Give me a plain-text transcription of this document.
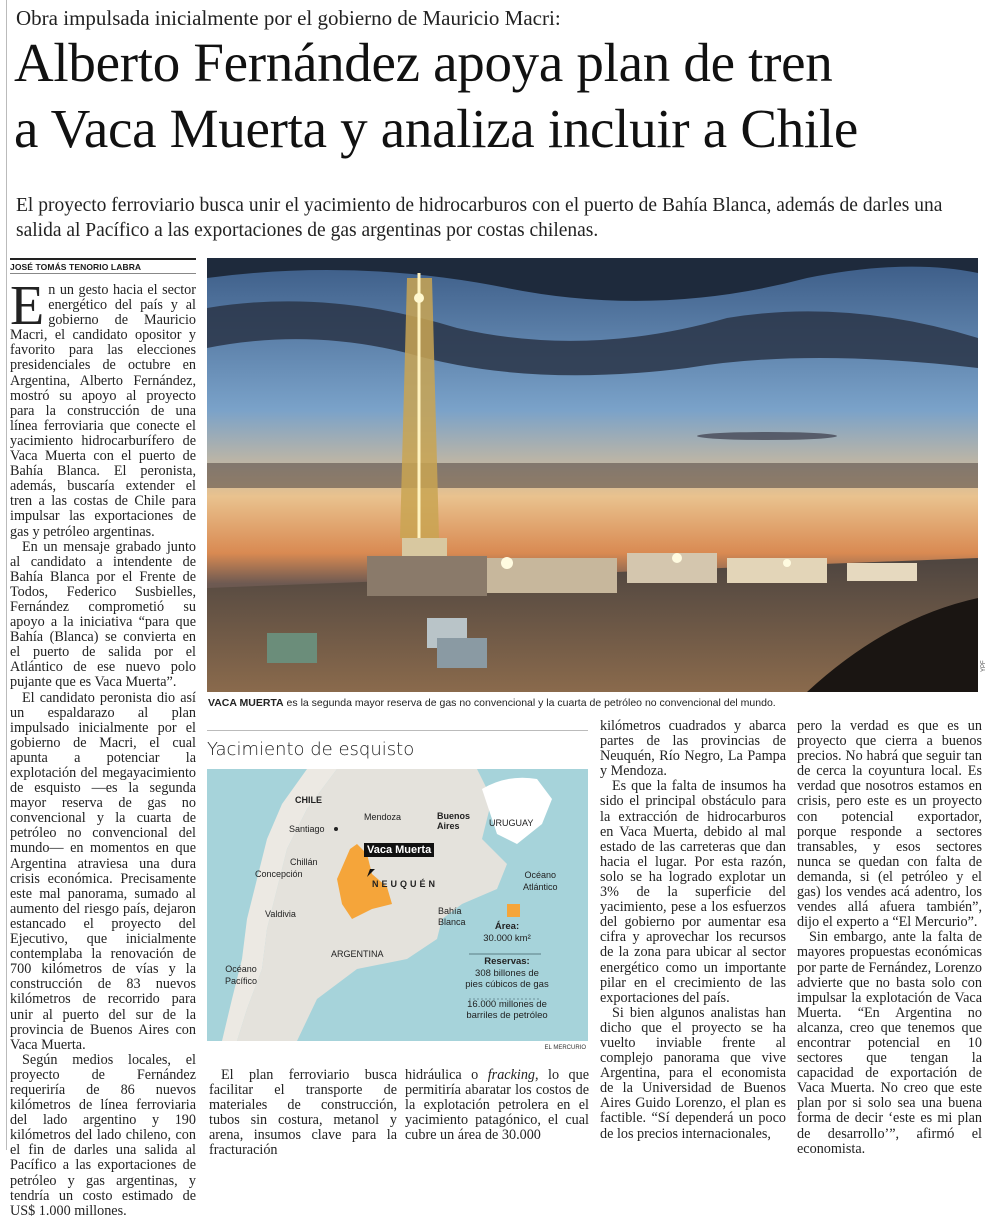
Obra impulsada inicialmente por el gobierno de Mauricio Macri:
Alberto Fernández apoya plan de tren
a Vaca Muerta y analiza incluir a Chile
El proyecto ferroviario busca unir el yacimiento de hidrocarburos con el puerto de Bahía Blanca, además de darles una salida al Pacífico a las exportaciones de gas argentinas por costas chilenas.
JOSÉ TOMÁS TENORIO LABRA

En un gesto hacia el sector energético del país y al gobierno de Mauricio Macri, el candidato opositor y favorito para las elecciones presidenciales de octubre en Argentina, Alberto Fernández, mostró su apoyo al proyecto para la construcción de una línea ferroviaria que conecte el yacimiento hidrocarburífero de Vaca Muerta con el puerto de Bahía Blanca. El peronista, además, buscaría extender el tren a las costas de Chile para impulsar las exportaciones de gas y petróleo argentinas.

En un mensaje grabado junto al candidato a intendente de Bahía Blanca por el Frente de Todos, Federico Susbielles, Fernández comprometió su apoyo a la iniciativa “para que Bahía (Blanca) se convierta en el puerto de salida por el Atlántico de ese nuevo polo pujante que es Vaca Muerta”.

El candidato peronista dio así un espaldarazo al plan impulsado inicialmente por el gobierno de Macri, el cual apunta a potenciar la explotación del megayacimiento de esquisto —es la segunda mayor reserva de gas no convencional y la cuarta de petróleo no convencional del mundo— en momentos en que Argentina atraviesa una dura crisis económica. Precisamente este mal panorama, sumado al aumento del riesgo país, dejaron estancado el proyecto del Ejecutivo, que inicialmente contemplaba la renovación de 700 kilómetros de vías y la construcción de 83 nuevos kilómetros de recorrido para unir al puerto del sur de la provincia de Buenos Aires con Vaca Muerta.

Según medios locales, el proyecto de Fernández requeriría de 86 nuevos kilómetros de línea ferroviaria del lado argentino y 190 kilómetros del lado chileno, con el fin de darles una salida al Pacífico a las exportaciones de petróleo y gas argentinas, y tendría un costo estimado de US$ 1.000 millones.

VACA MUERTA es la segunda mayor reserva de gas no convencional y la cuarta de petróleo no convencional del mundo.
YPF
Yacimiento de esquisto
CHILE
Santiago
Mendoza	Buenos
Aires	URUGUAY
Vaca Muerta
Chillán
Concepción
NEUQUÉN
Océano
Atlántico
Valdivia	Bahía
Blanca
ARGENTINA
Océano
Pacífico
Área:
30.000 km²

Reservas:
308 billones de
pies cúbicos de gas

16.000 millones de
barriles de petróleo
EL MERCURIO

El plan ferroviario busca facilitar el transporte de materiales de construcción, tubos sin costura, metanol y arena, insumos clave para la fracturación

hidráulica o fracking, lo que permitiría abaratar los costos de la explotación petrolera en el yacimiento patagónico, el cual cubre un área de 30.000

kilómetros cuadrados y abarca partes de las provincias de Neuquén, Río Negro, La Pampa y Mendoza.

Es que la falta de insumos ha sido el principal obstáculo para la extracción de hidrocarburos en Vaca Muerta, debido al mal estado de las carreteras que dan hacia el lugar. Por esta razón, solo se ha logrado explotar un 3% de la superficie del yacimiento, pese a los esfuerzos del gobierno por aumentar esa cifra y aprovechar los recursos de la zona para ubicar al sector energético como un importante pilar en el crecimiento de las exportaciones del país.

Si bien algunos analistas han dicho que el proyecto se ha vuelto inviable frente al complejo panorama que vive Argentina, para el economista de la Universidad de Buenos Aires Guido Lorenzo, el plan es factible. “Sí dependerá un poco de los precios internacionales,

pero la verdad es que es un proyecto que cierra a buenos precios. No habrá que seguir tan de cerca la coyuntura local. Es verdad que nosotros estamos en crisis, pero este es un proyecto con potencial exportador, porque responde a sectores transables, y esos sectores nunca se quedan con falta de demanda, si (el petróleo y el gas) los vendes acá adentro, los vendes allá afuera también”, dijo el experto a “El Mercurio”.

Sin embargo, ante la falta de mayores propuestas económicas por parte de Fernández, Lorenzo advierte que no basta solo con impulsar la explotación de Vaca Muerta. “En Argentina no alcanza, creo que tenemos que encontrar potencial en 10 sectores que tengan la capacidad de exportación de Vaca Muerta. No creo que este plan por si solo sea una buena forma de decir ‘este es mi plan de desarrollo’”, afirmó el economista.
